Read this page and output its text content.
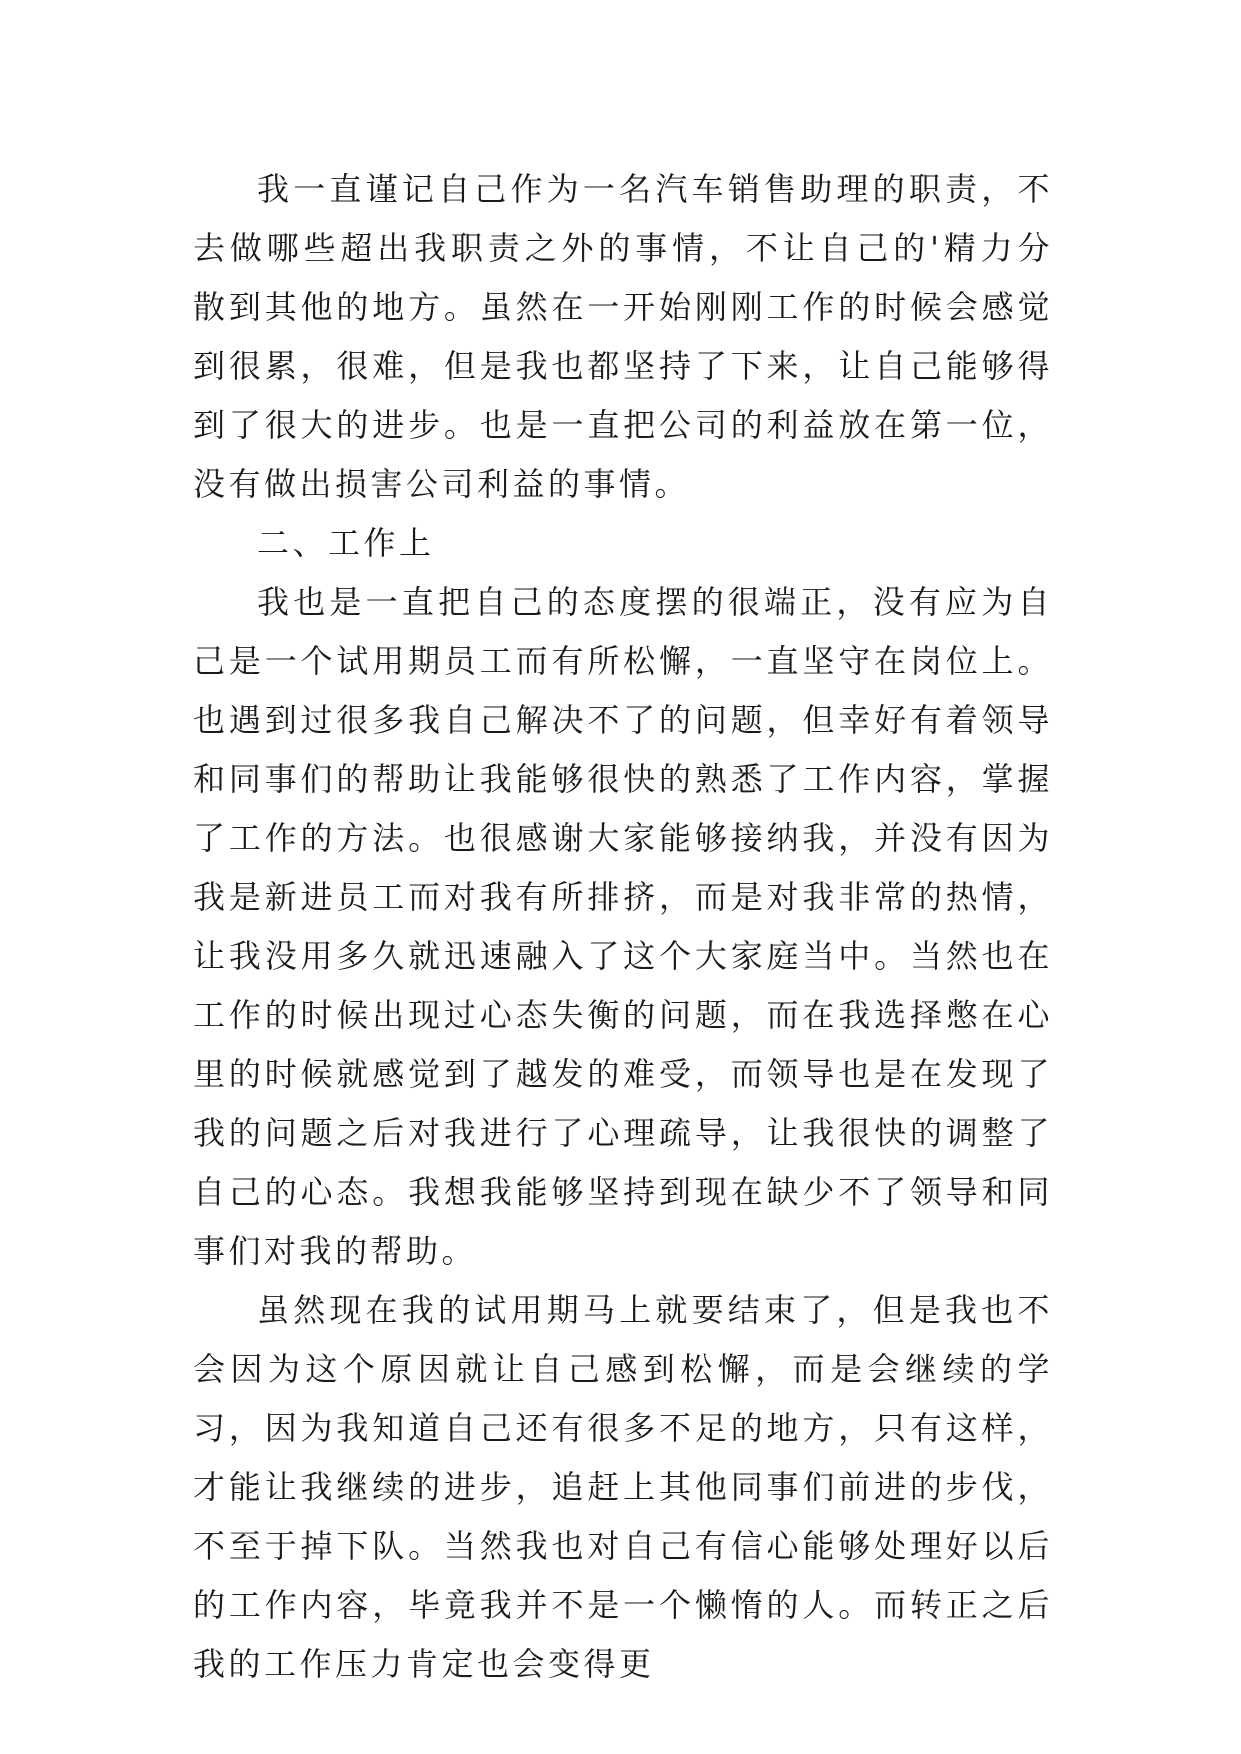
我一直谨记自己作为一名汽车销售助理的职责，不去做哪些超出我职责之外的事情，不让自己的'精力分散到其他的地方。虽然在一开始刚刚工作的时候会感觉到很累，很难，但是我也都坚持了下来，让自己能够得到了很大的进步。也是一直把公司的利益放在第一位，没有做出损害公司利益的事情。

二、工作上

我也是一直把自己的态度摆的很端正，没有应为自己是一个试用期员工而有所松懈，一直坚守在岗位上。也遇到过很多我自己解决不了的问题，但幸好有着领导和同事们的帮助让我能够很快的熟悉了工作内容，掌握了工作的方法。也很感谢大家能够接纳我，并没有因为我是新进员工而对我有所排挤，而是对我非常的热情，让我没用多久就迅速融入了这个大家庭当中。当然也在工作的时候出现过心态失衡的问题，而在我选择憋在心里的时候就感觉到了越发的难受，而领导也是在发现了我的问题之后对我进行了心理疏导，让我很快的调整了自己的心态。我想我能够坚持到现在缺少不了领导和同事们对我的帮助。

虽然现在我的试用期马上就要结束了，但是我也不会因为这个原因就让自己感到松懈，而是会继续的学习，因为我知道自己还有很多不足的地方，只有这样，才能让我继续的进步，追赶上其他同事们前进的步伐，不至于掉下队。当然我也对自己有信心能够处理好以后的工作内容，毕竟我并不是一个懒惰的人。而转正之后我的工作压力肯定也会变得更
